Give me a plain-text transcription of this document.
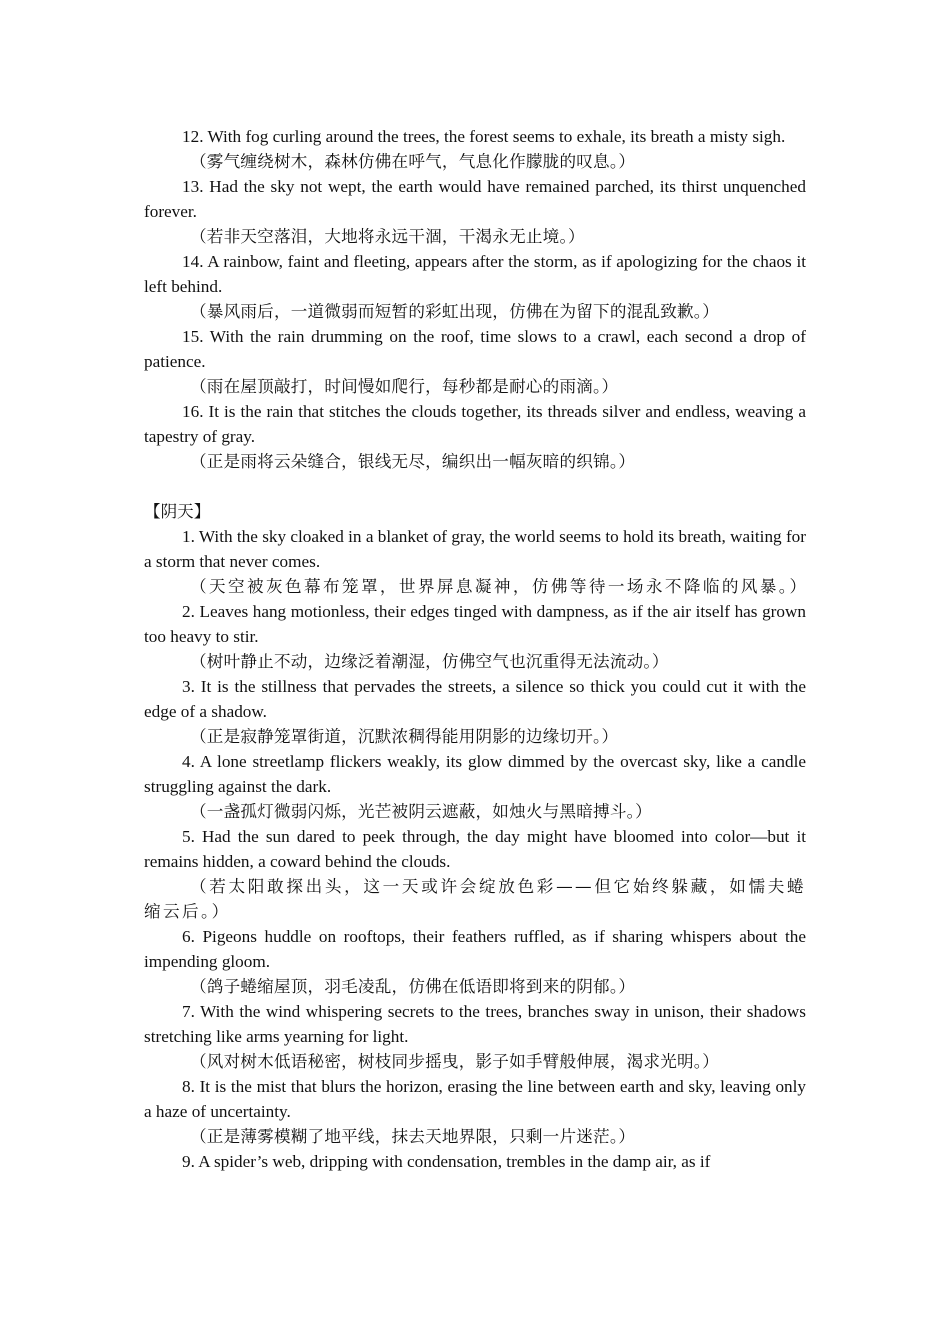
12. With fog curling around the trees, the forest seems to exhale, its breath a misty sigh.

（雾气缠绕树木，森林仿佛在呼气，气息化作朦胧的叹息。）

13. Had the sky not wept, the earth would have remained parched, its thirst unquenched forever.

（若非天空落泪，大地将永远干涸，干渴永无止境。）

14. A rainbow, faint and fleeting, appears after the storm, as if apologizing for the chaos it left behind.

（暴风雨后，一道微弱而短暂的彩虹出现，仿佛在为留下的混乱致歉。）

15. With the rain drumming on the roof, time slows to a crawl, each second a drop of patience.

（雨在屋顶敲打，时间慢如爬行，每秒都是耐心的雨滴。）

16. It is the rain that stitches the clouds together, its threads silver and endless, weaving a tapestry of gray.

（正是雨将云朵缝合，银线无尽，编织出一幅灰暗的织锦。）

【阴天】

1. With the sky cloaked in a blanket of gray, the world seems to hold its breath, waiting for a storm that never comes.

（天空被灰色幕布笼罩，世界屏息凝神，仿佛等待一场永不降临的风暴。）

2. Leaves hang motionless, their edges tinged with dampness, as if the air itself has grown too heavy to stir.

（树叶静止不动，边缘泛着潮湿，仿佛空气也沉重得无法流动。）

3. It is the stillness that pervades the streets, a silence so thick you could cut it with the edge of a shadow.

（正是寂静笼罩街道，沉默浓稠得能用阴影的边缘切开。）

4. A lone streetlamp flickers weakly, its glow dimmed by the overcast sky, like a candle struggling against the dark.

（一盏孤灯微弱闪烁，光芒被阴云遮蔽，如烛火与黑暗搏斗。）

5. Had the sun dared to peek through, the day might have bloomed into color—but it remains hidden, a coward behind the clouds.

（若太阳敢探出头，这一天或许会绽放色彩——但它始终躲藏，如懦夫蜷缩云后。）

6. Pigeons huddle on rooftops, their feathers ruffled, as if sharing whispers about the impending gloom.

（鸽子蜷缩屋顶，羽毛凌乱，仿佛在低语即将到来的阴郁。）

7. With the wind whispering secrets to the trees, branches sway in unison, their shadows stretching like arms yearning for light.

（风对树木低语秘密，树枝同步摇曳，影子如手臂般伸展，渴求光明。）

8. It is the mist that blurs the horizon, erasing the line between earth and sky, leaving only a haze of uncertainty.

（正是薄雾模糊了地平线，抹去天地界限，只剩一片迷茫。）

9. A spider’s web, dripping with condensation, trembles in the damp air, as if
